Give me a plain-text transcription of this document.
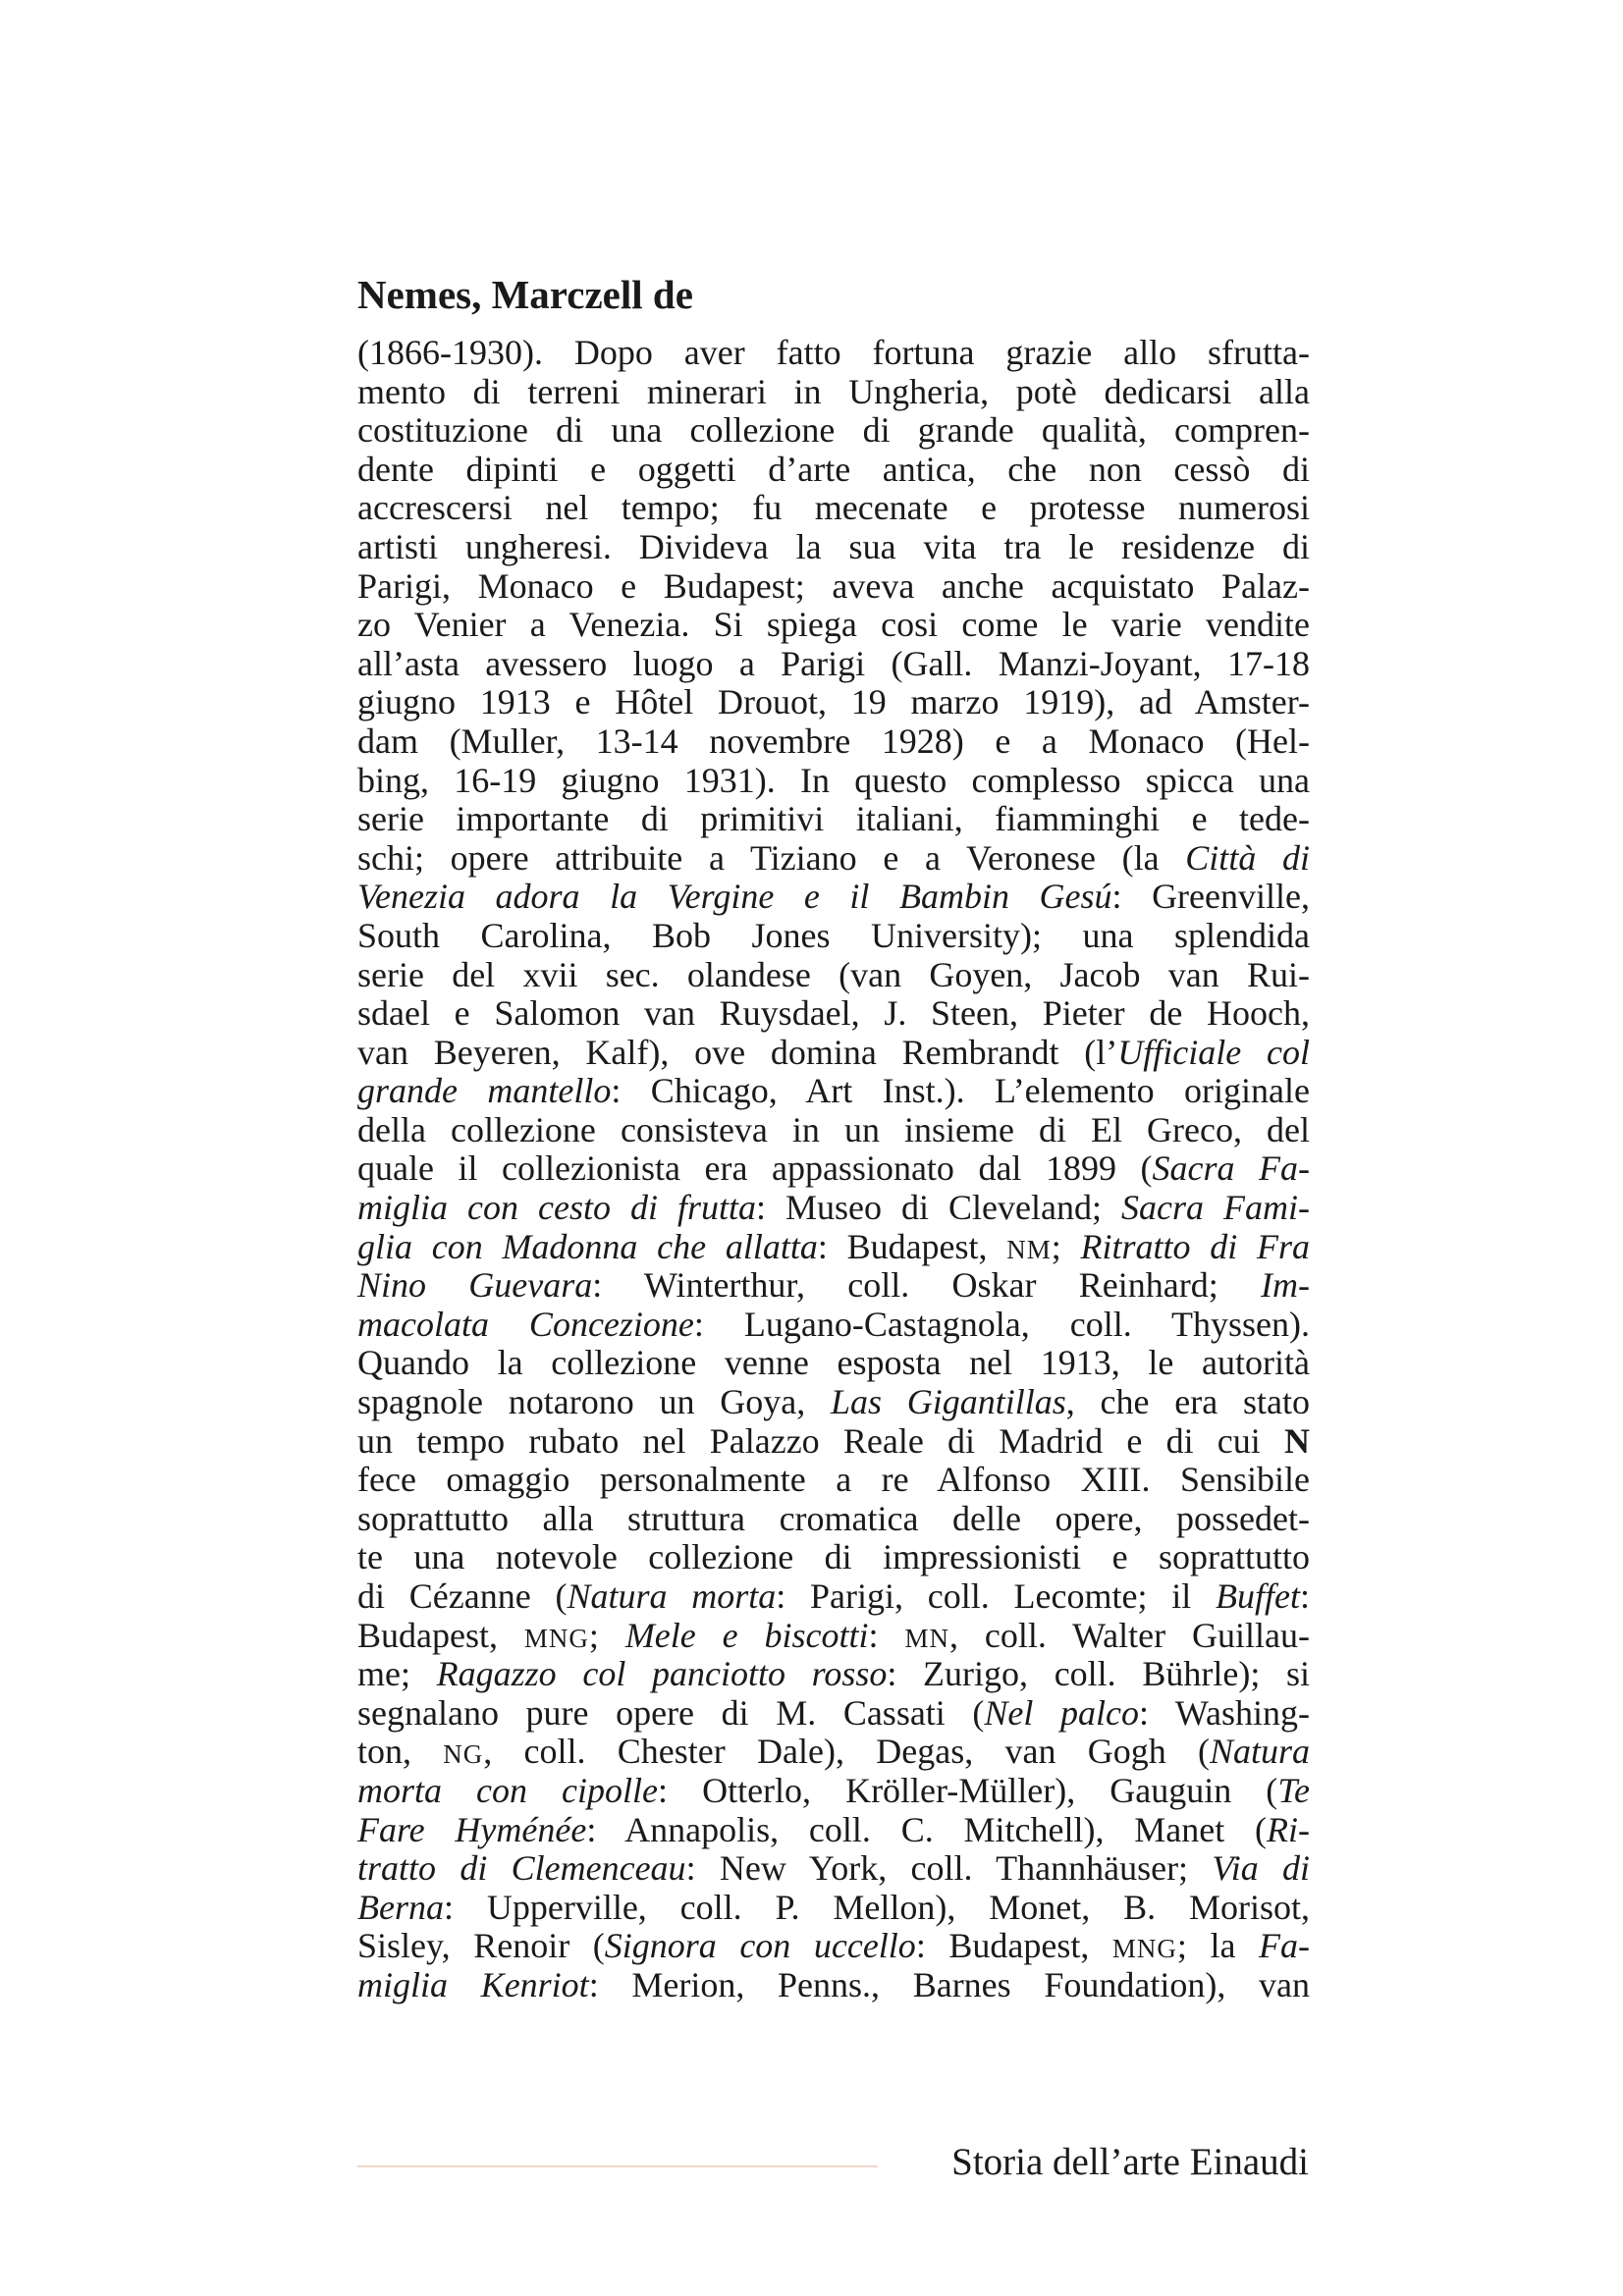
Nemes, Marczell de
(1866-1930). Dopo aver fatto fortuna grazie allo sfrutta-
mento di terreni minerari in Ungheria, potè dedicarsi alla
costituzione di una collezione di grande qualità, compren-
dente dipinti e oggetti d’arte antica, che non cessò di
accrescersi nel tempo; fu mecenate e protesse numerosi
artisti ungheresi. Divideva la sua vita tra le residenze di
Parigi, Monaco e Budapest; aveva anche acquistato Palaz-
zo Venier a Venezia. Si spiega cosi come le varie vendite
all’asta avessero luogo a Parigi (Gall. Manzi-Joyant, 17-18
giugno 1913 e Hôtel Drouot, 19 marzo 1919), ad Amster-
dam (Muller, 13-14 novembre 1928) e a Monaco (Hel-
bing, 16-19 giugno 1931). In questo complesso spicca una
serie importante di primitivi italiani, fiamminghi e tede-
schi; opere attribuite a Tiziano e a Veronese (la Città di
Venezia adora la Vergine e il Bambin Gesú: Greenville,
South Carolina, Bob Jones University); una splendida
serie del xvii sec. olandese (van Goyen, Jacob van Rui-
sdael e Salomon van Ruysdael, J. Steen, Pieter de Hooch,
van Beyeren, Kalf), ove domina Rembrandt (l’Ufficiale col
grande mantello: Chicago, Art Inst.). L’elemento originale
della collezione consisteva in un insieme di El Greco, del
quale il collezionista era appassionato dal 1899 (Sacra Fa-
miglia con cesto di frutta: Museo di Cleveland; Sacra Fami-
glia con Madonna che allatta: Budapest, NM; Ritratto di Fra
Nino Guevara: Winterthur, coll. Oskar Reinhard; Im-
macolata Concezione: Lugano-Castagnola, coll. Thyssen).
Quando la collezione venne esposta nel 1913, le autorità
spagnole notarono un Goya, Las Gigantillas, che era stato
un tempo rubato nel Palazzo Reale di Madrid e di cui N
fece omaggio personalmente a re Alfonso XIII. Sensibile
soprattutto alla struttura cromatica delle opere, possedet-
te una notevole collezione di impressionisti e soprattutto
di Cézanne (Natura morta: Parigi, coll. Lecomte; il Buffet:
Budapest, MNG; Mele e biscotti: MN, coll. Walter Guillau-
me; Ragazzo col panciotto rosso: Zurigo, coll. Bührle); si
segnalano pure opere di M. Cassati (Nel palco: Washing-
ton, NG, coll. Chester Dale), Degas, van Gogh (Natura
morta con cipolle: Otterlo, Kröller-Müller), Gauguin (Te
Fare Hyménée: Annapolis, coll. C. Mitchell), Manet (Ri-
tratto di Clemenceau: New York, coll. Thannhäuser; Via di
Berna: Upperville, coll. P. Mellon), Monet, B. Morisot,
Sisley, Renoir (Signora con uccello: Budapest, MNG; la Fa-
miglia Kenriot: Merion, Penns., Barnes Foundation), van
Storia dell’arte Einaudi
